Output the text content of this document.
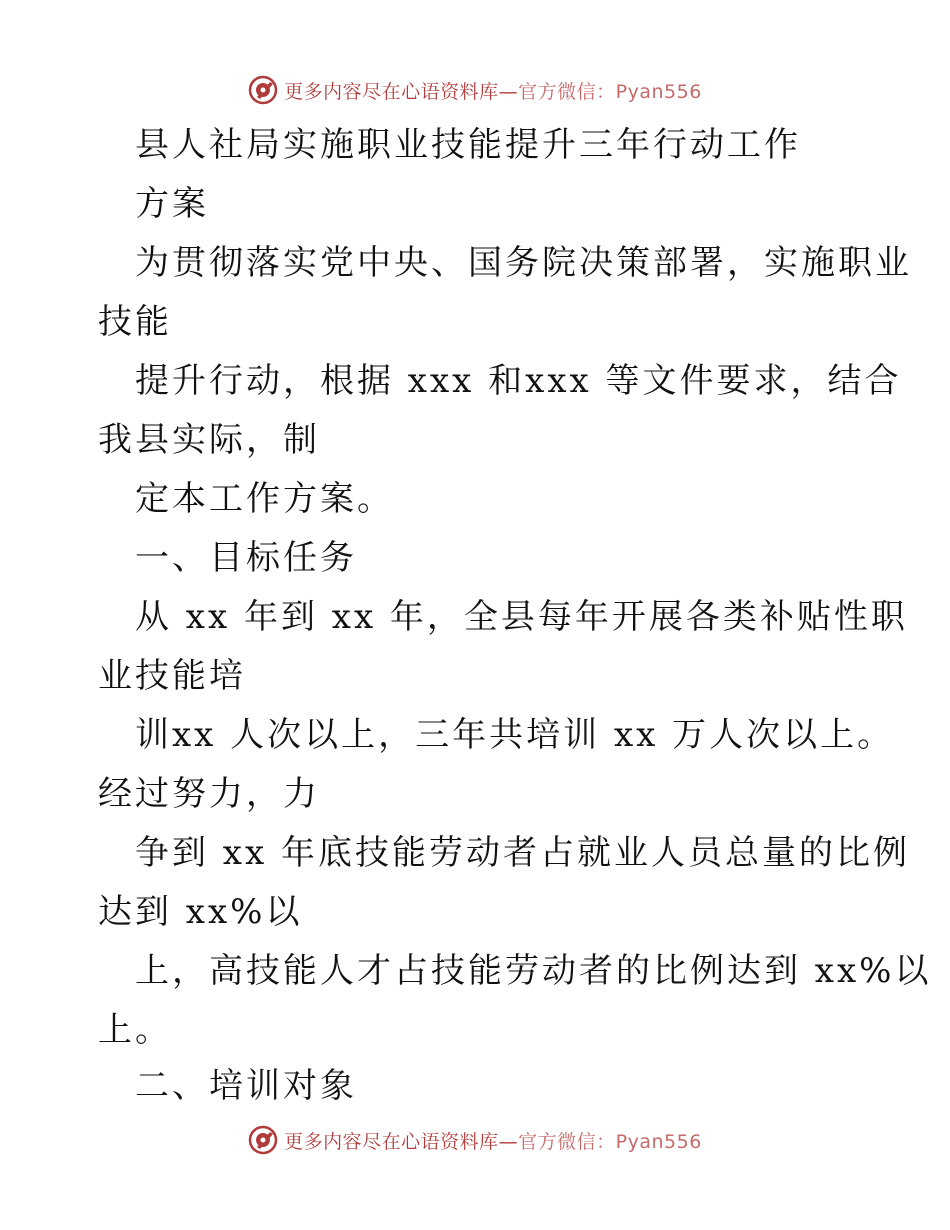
更多内容尽在心语资料库—官方微信：Pyan556
县人社局实施职业技能提升三年行动工作
方案
为贯彻落实党中央、国务院决策部署，实施职业
技能
提升行动，根据 xxx 和xxx 等文件要求，结合
我县实际，制
定本工作方案。
一、目标任务
从 xx 年到 xx 年，全县每年开展各类补贴性职
业技能培
训xx 人次以上，三年共培训 xx 万人次以上。
经过努力，力
争到 xx 年底技能劳动者占就业人员总量的比例
达到 xx%以
上，高技能人才占技能劳动者的比例达到 xx%以
上。
二、培训对象
更多内容尽在心语资料库—官方微信：Pyan556
